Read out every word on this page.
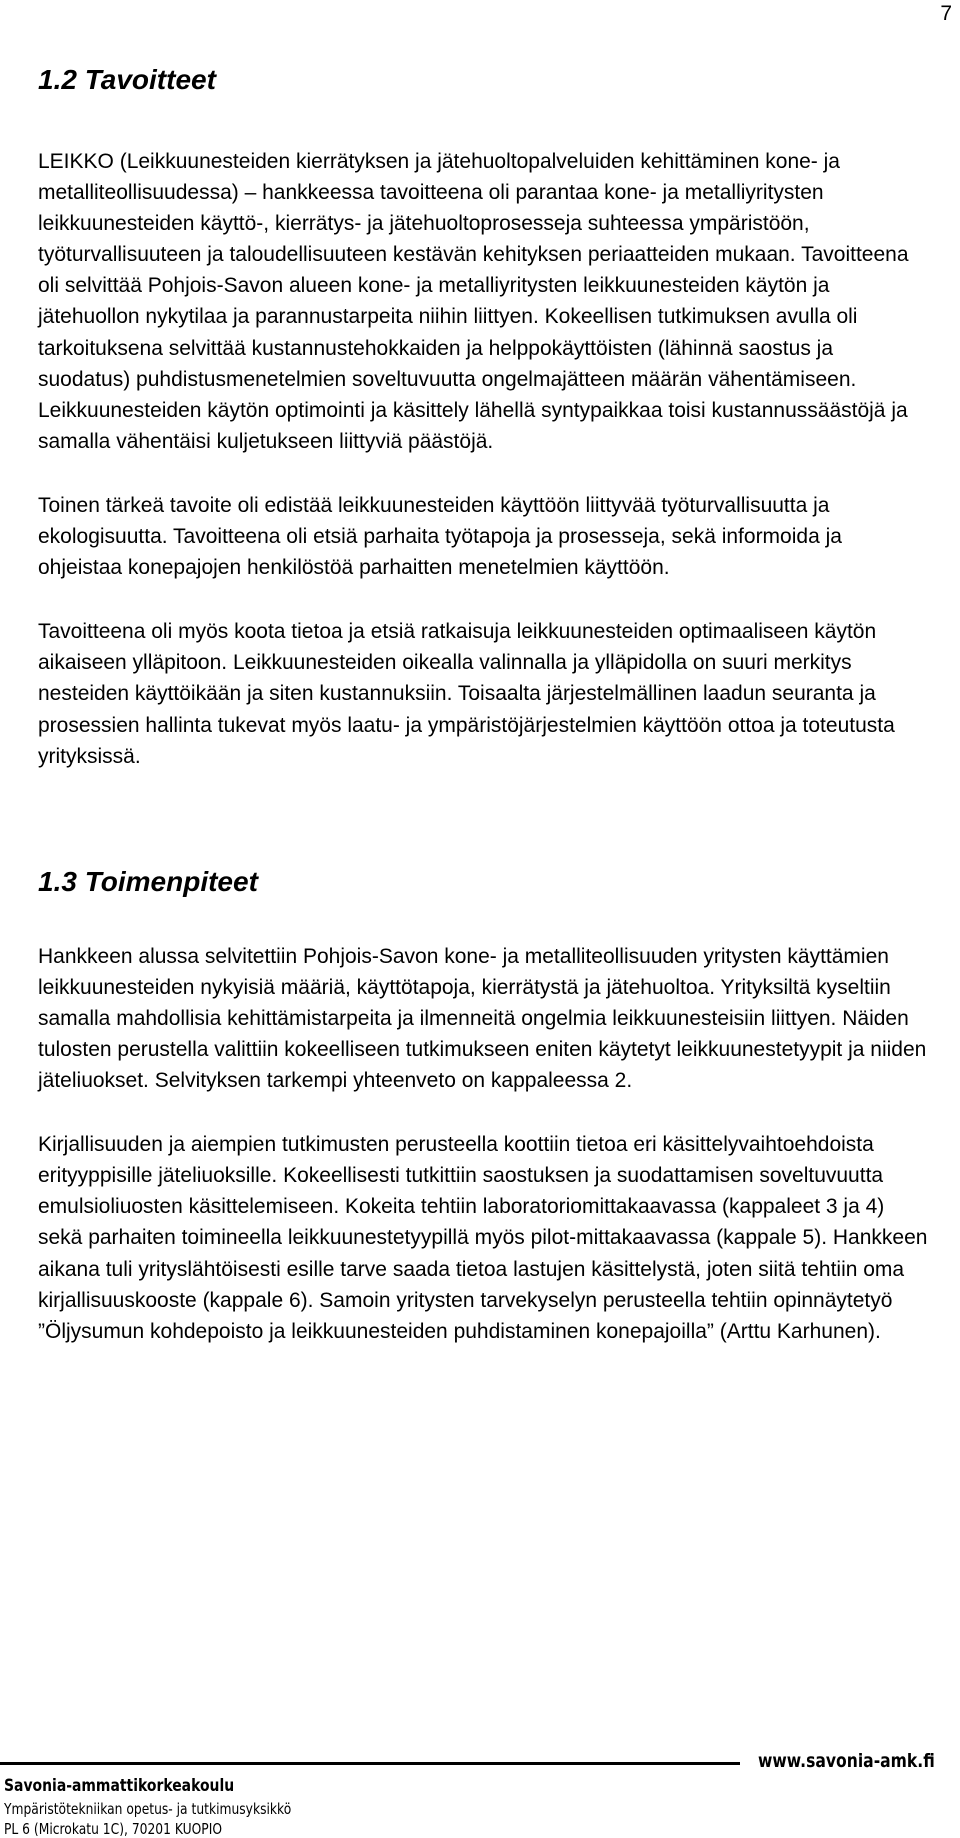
7
1.2 Tavoitteet

LEIKKO (Leikkuunesteiden kierrätyksen ja jätehuoltopalveluiden kehittäminen kone- ja metalliteollisuudessa) – hankkeessa tavoitteena oli parantaa kone- ja metalliyritysten leikkuunesteiden käyttö-, kierrätys- ja jätehuoltoprosesseja suhteessa ympäristöön, työturvallisuuteen ja taloudellisuuteen kestävän kehityksen periaatteiden mukaan. Tavoitteena oli selvittää Pohjois-Savon alueen kone- ja metalliyritysten leikkuunesteiden käytön ja jätehuollon nykytilaa ja parannustarpeita niihin liittyen. Kokeellisen tutkimuksen avulla oli tarkoituksena selvittää kustannustehokkaiden ja helppokäyttöisten (lähinnä saostus ja suodatus) puhdistusmenetelmien soveltuvuutta ongelmajätteen määrän vähentämiseen. Leikkuunesteiden käytön optimointi ja käsittely lähellä syntypaikkaa toisi kustannussäästöjä ja samalla vähentäisi kuljetukseen liittyviä päästöjä.

Toinen tärkeä tavoite oli edistää leikkuunesteiden käyttöön liittyvää työturvallisuutta ja ekologisuutta. Tavoitteena oli etsiä parhaita työtapoja ja prosesseja, sekä informoida ja ohjeistaa konepajojen henkilöstöä parhaitten menetelmien käyttöön.

Tavoitteena oli myös koota tietoa ja etsiä ratkaisuja leikkuunesteiden optimaaliseen käytön aikaiseen ylläpitoon. Leikkuunesteiden oikealla valinnalla ja ylläpidolla on suuri merkitys nesteiden käyttöikään ja siten kustannuksiin. Toisaalta järjestelmällinen laadun seuranta ja prosessien hallinta tukevat myös laatu- ja ympäristöjärjestelmien käyttöön ottoa ja toteutusta yrityksissä.

1.3 Toimenpiteet

Hankkeen alussa selvitettiin Pohjois-Savon kone- ja metalliteollisuuden yritysten käyttämien leikkuunesteiden nykyisiä määriä, käyttötapoja, kierrätystä ja jätehuoltoa. Yrityksiltä kyseltiin samalla mahdollisia kehittämistarpeita ja ilmenneitä ongelmia leikkuunesteisiin liittyen. Näiden tulosten perustella valittiin kokeelliseen tutkimukseen eniten käytetyt leikkuunestetyypit ja niiden jäteliuokset. Selvityksen tarkempi yhteenveto on kappaleessa 2.

Kirjallisuuden ja aiempien tutkimusten perusteella koottiin tietoa eri käsittelyvaihtoehdoista erityyppisille jäteliuoksille. Kokeellisesti tutkittiin saostuksen ja suodattamisen soveltuvuutta emulsioliuosten käsittelemiseen. Kokeita tehtiin laboratoriomittakaavassa (kappaleet 3 ja 4) sekä parhaiten toimineella leikkuunestetyypillä myös pilot-mittakaavassa (kappale 5). Hankkeen aikana tuli yrityslähtöisesti esille tarve saada tietoa lastujen käsittelystä, joten siitä tehtiin oma kirjallisuuskooste (kappale 6). Samoin yritysten tarvekyselyn perusteella tehtiin opinnäytetyö ”Öljysumun kohdepoisto ja leikkuunesteiden puhdistaminen konepajoilla” (Arttu Karhunen).

www.savonia-amk.fi
Savonia-ammattikorkeakoulu
Ympäristötekniikan opetus- ja tutkimusyksikkö
PL 6 (Microkatu 1C), 70201 KUOPIO
